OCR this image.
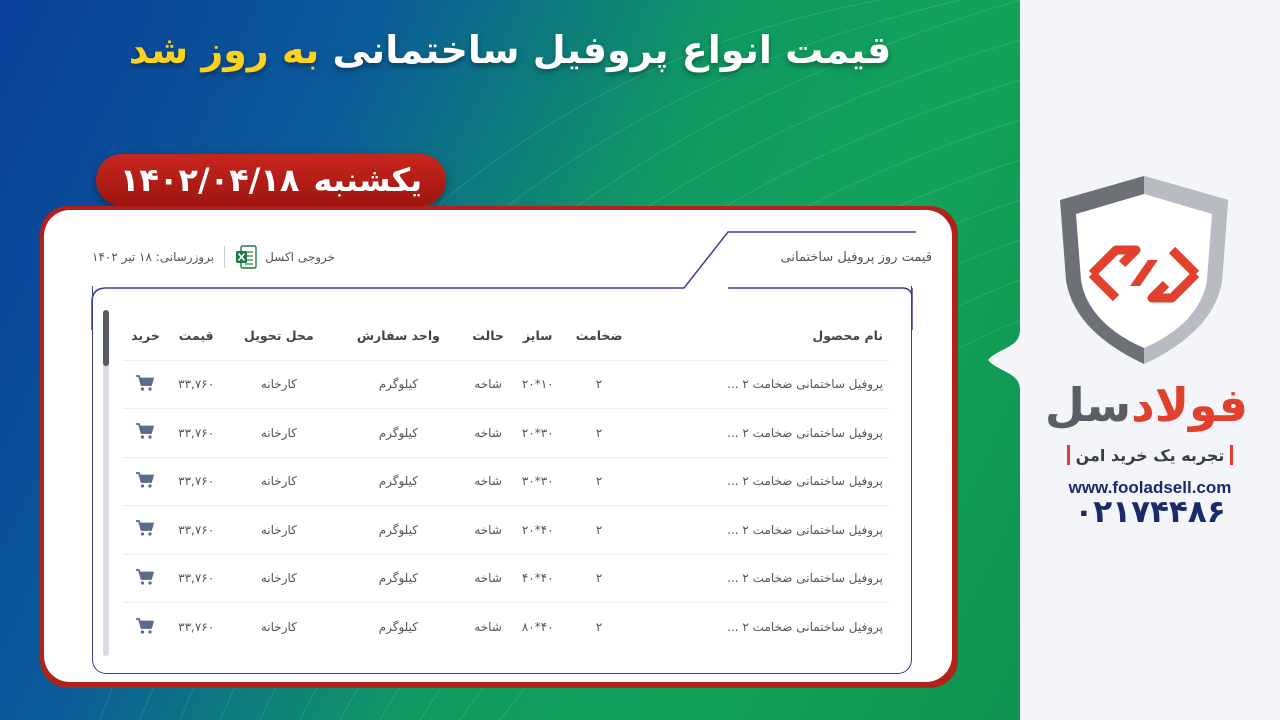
قیمت انواع پروفیل ساختمانی به روز شد
یکشنبه
۱۴۰۲/۰۴/۱۸
قیمت روز پروفیل ساختمانی
خروجی اکسل
بروزرسانی: ۱۸ تیر ۱۴۰۲
نام محصول	ضخامت	سایز	حالت	واحد سفارش	محل تحویل	قیمت	خرید
پروفیل ساختمانی ضخامت ۲ ...	۲	۱۰*۲۰	شاخه	کیلوگرم	کارخانه	۳۳,۷۶۰	
پروفیل ساختمانی ضخامت ۲ ...	۲	۳۰*۲۰	شاخه	کیلوگرم	کارخانه	۳۳,۷۶۰	
پروفیل ساختمانی ضخامت ۲ ...	۲	۳۰*۳۰	شاخه	کیلوگرم	کارخانه	۳۳,۷۶۰	
پروفیل ساختمانی ضخامت ۲ ...	۲	۴۰*۲۰	شاخه	کیلوگرم	کارخانه	۳۳,۷۶۰	
پروفیل ساختمانی ضخامت ۲ ...	۲	۴۰*۴۰	شاخه	کیلوگرم	کارخانه	۳۳,۷۶۰	
پروفیل ساختمانی ضخامت ۲ ...	۲	۴۰*۸۰	شاخه	کیلوگرم	کارخانه	۳۳,۷۶۰	
فولادسل
تجربه یک خرید امن
www.fooladsell.com
۰۲۱۷۴۴۸۶
